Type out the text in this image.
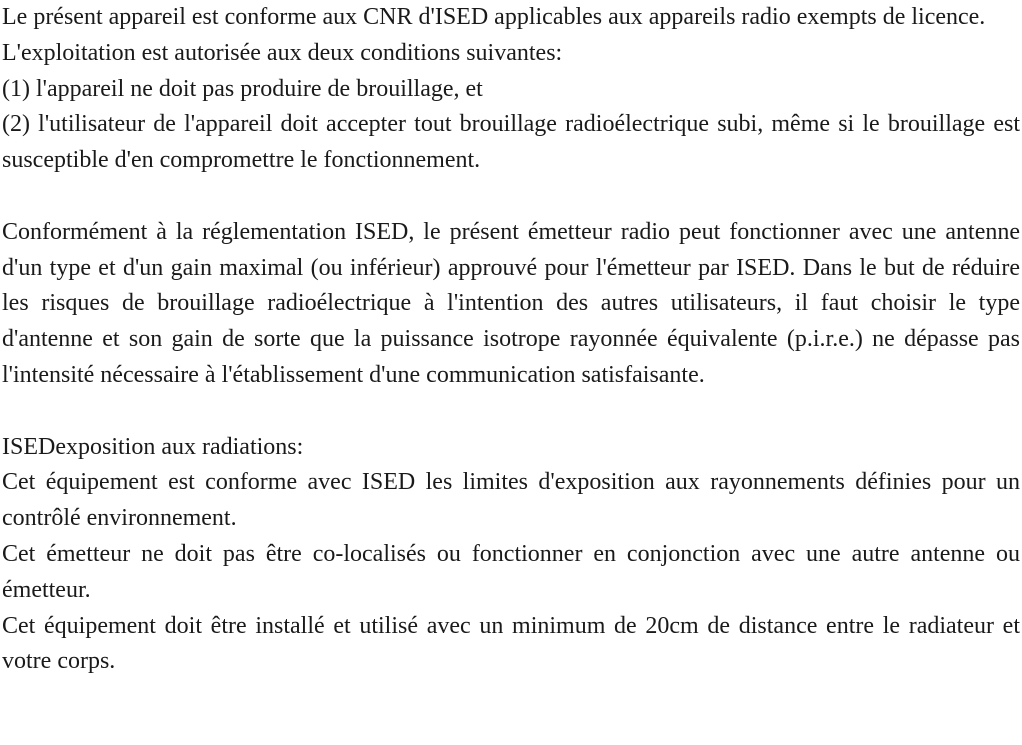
Le présent appareil est conforme aux CNR d'ISED applicables aux appareils radio exempts de licence.

L'exploitation est autorisée aux deux conditions suivantes:

(1) l'appareil ne doit pas produire de brouillage, et

(2) l'utilisateur de l'appareil doit accepter tout brouillage radioélectrique subi, même si le brouillage est susceptible d'en compromettre le fonctionnement.

Conformément à la réglementation ISED, le présent émetteur radio peut fonctionner avec une antenne d'un type et d'un gain maximal (ou inférieur) approuvé pour l'émetteur par ISED. Dans le but de réduire les risques de brouillage radioélectrique à l'intention des autres utilisateurs, il faut choisir le type d'antenne et son gain de sorte que la puissance isotrope rayonnée équivalente (p.i.r.e.) ne dépasse pas l'intensité nécessaire à l'établissement d'une communication satisfaisante.

ISEDexposition aux radiations:

Cet équipement est conforme avec ISED les limites d'exposition aux rayonnements définies pour un contrôlé environnement.

Cet émetteur ne doit pas être co-localisés ou fonctionner en conjonction avec une autre antenne ou émetteur.

Cet équipement doit être installé et utilisé avec un minimum de 20cm de distance entre le radiateur et votre corps.
